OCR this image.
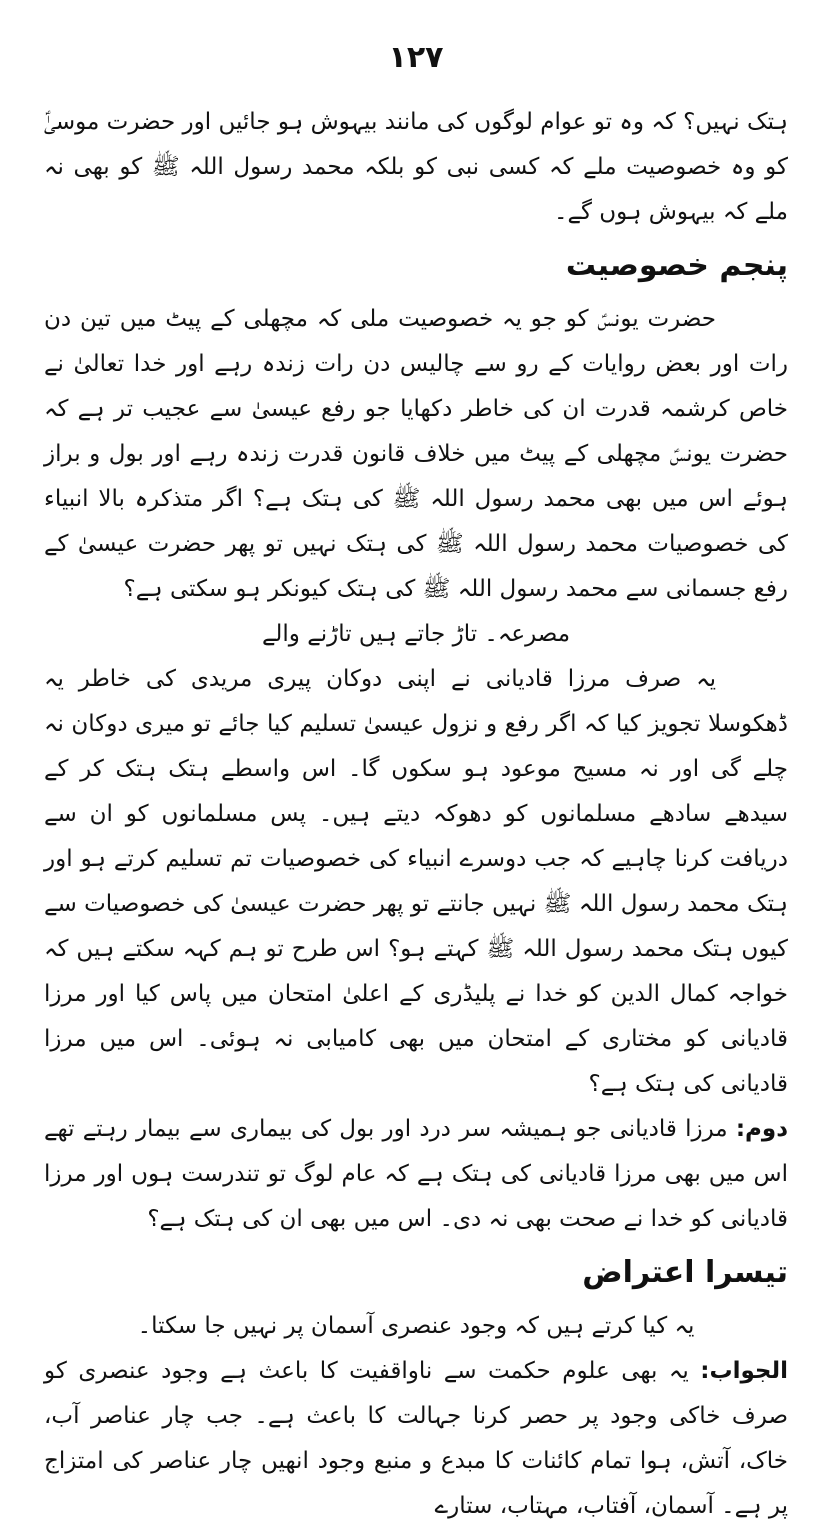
۱۲۷

ہتک نہیں؟ کہ وہ تو عوام لوگوں کی مانند بیہوش ہو جائیں اور حضرت موسیٰؑ کو وہ خصوصیت ملے کہ کسی نبی کو بلکہ محمد رسول اللہ ﷺ کو بھی نہ ملے کہ بیہوش ہوں گے۔

پنجم خصوصیت

حضرت یونسؑ کو جو یہ خصوصیت ملی کہ مچھلی کے پیٹ میں تین دن رات اور بعض روایات کے رو سے چالیس دن رات زندہ رہے اور خدا تعالیٰ نے خاص کرشمہ قدرت ان کی خاطر دکھایا جو رفع عیسیٰ سے عجیب تر ہے کہ حضرت یونسؑ مچھلی کے پیٹ میں خلاف قانون قدرت زندہ رہے اور بول و براز ہوئے اس میں بھی محمد رسول اللہ ﷺ کی ہتک ہے؟ اگر متذکرہ بالا انبیاء کی خصوصیات محمد رسول اللہ ﷺ کی ہتک نہیں تو پھر حضرت عیسیٰ کے رفع جسمانی سے محمد رسول اللہ ﷺ کی ہتک کیونکر ہو سکتی ہے؟

مصرعہ۔ تاڑ جاتے ہیں تاڑنے والے

یہ صرف مرزا قادیانی نے اپنی دوکان پیری مریدی کی خاطر یہ ڈھکوسلا تجویز کیا کہ اگر رفع و نزول عیسیٰ تسلیم کیا جائے تو میری دوکان نہ چلے گی اور نہ مسیح موعود ہو سکوں گا۔ اس واسطے ہتک ہتک کر کے سیدھے سادھے مسلمانوں کو دھوکہ دیتے ہیں۔ پس مسلمانوں کو ان سے دریافت کرنا چاہیے کہ جب دوسرے انبیاء کی خصوصیات تم تسلیم کرتے ہو اور ہتک محمد رسول اللہ ﷺ نہیں جانتے تو پھر حضرت عیسیٰ کی خصوصیات سے کیوں ہتک محمد رسول اللہ ﷺ کہتے ہو؟ اس طرح تو ہم کہہ سکتے ہیں کہ خواجہ کمال الدین کو خدا نے پلیڈری کے اعلیٰ امتحان میں پاس کیا اور مرزا قادیانی کو مختاری کے امتحان میں بھی کامیابی نہ ہوئی۔ اس میں مرزا قادیانی کی ہتک ہے؟

دوم: مرزا قادیانی جو ہمیشہ سر درد اور بول کی بیماری سے بیمار رہتے تھے اس میں بھی مرزا قادیانی کی ہتک ہے کہ عام لوگ تو تندرست ہوں اور مرزا قادیانی کو خدا نے صحت بھی نہ دی۔ اس میں بھی ان کی ہتک ہے؟

تیسرا اعتراض

یہ کیا کرتے ہیں کہ وجود عنصری آسمان پر نہیں جا سکتا۔

الجواب: یہ بھی علوم حکمت سے ناواقفیت کا باعث ہے وجود عنصری کو صرف خاکی وجود پر حصر کرنا جہالت کا باعث ہے۔ جب چار عناصر آب، خاک، آتش، ہوا تمام کائنات کا مبدع و منبع وجود انھیں چار عناصر کی امتزاج پر ہے۔ آسمان، آفتاب، مہتاب، ستارے
